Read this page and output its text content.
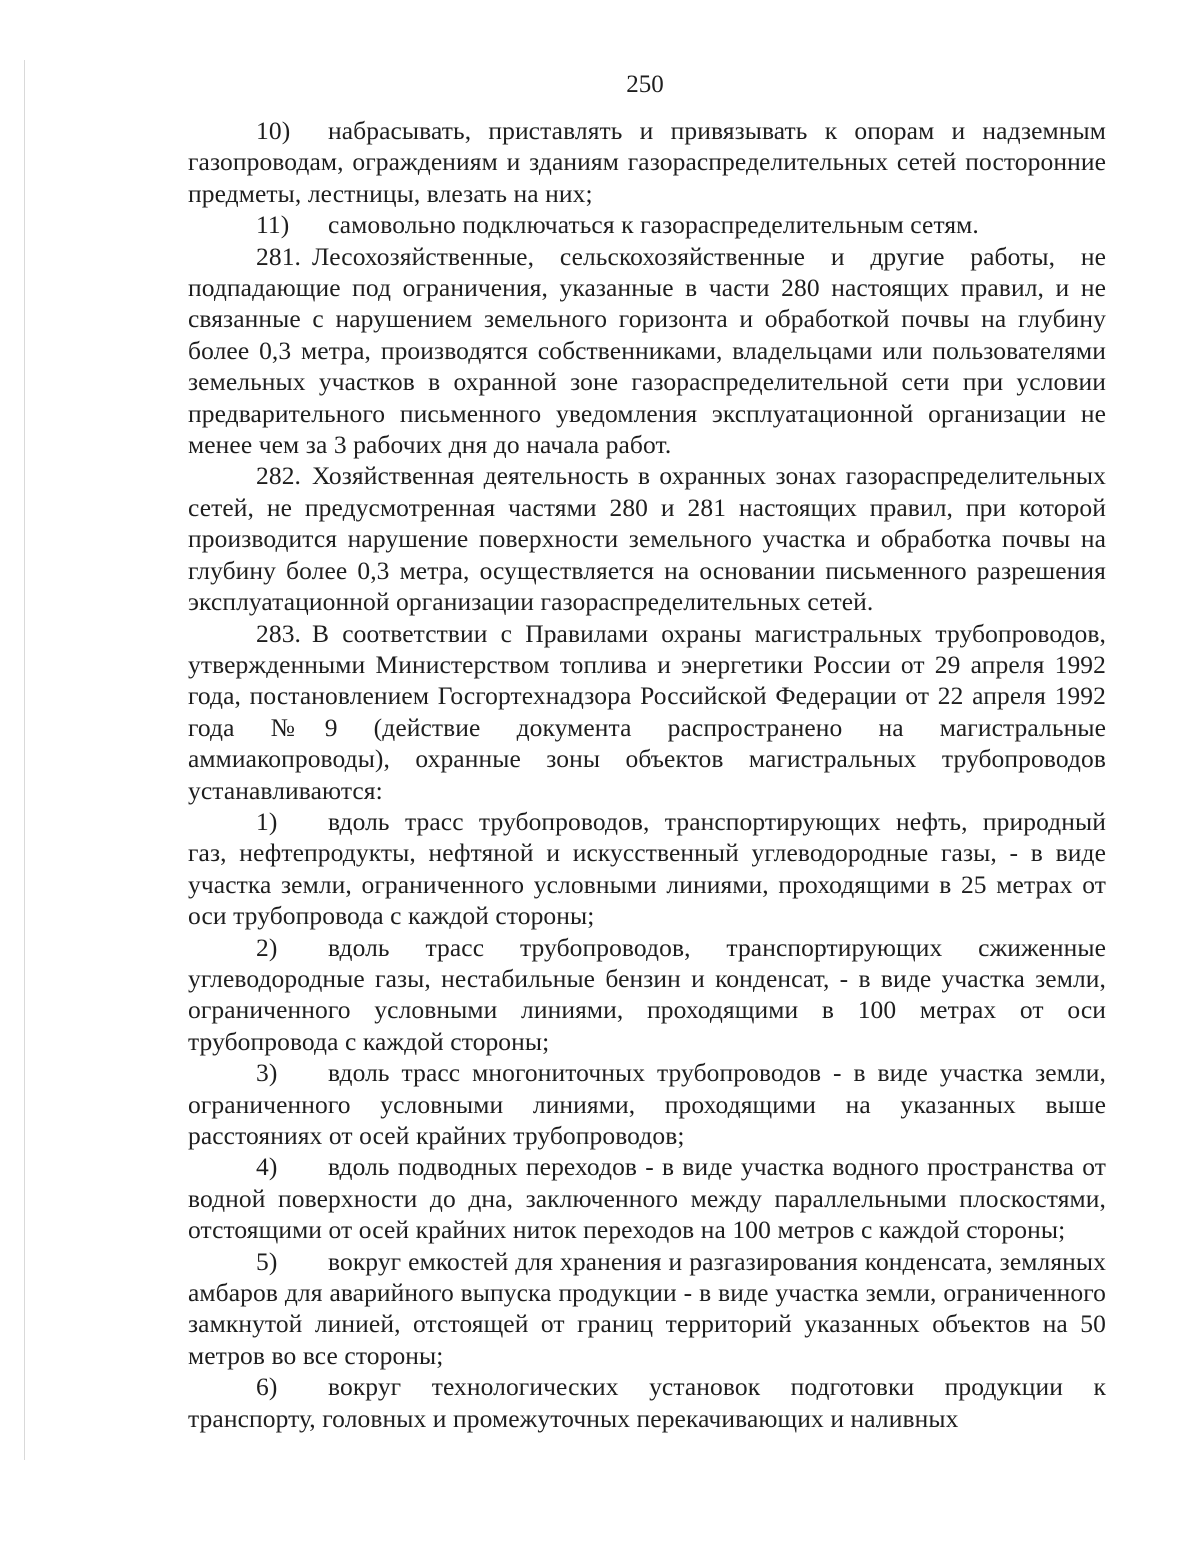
250

10) набрасывать, приставлять и привязывать к опорам и надземным газопроводам, ограждениям и зданиям газораспределительных сетей посторонние предметы, лестницы, влезать на них;

11) самовольно подключаться к газораспределительным сетям.

281. Лесохозяйственные, сельскохозяйственные и другие работы, не подпадающие под ограничения, указанные в части 280 настоящих правил, и не связанные с нарушением земельного горизонта и обработкой почвы на глубину более 0,3 метра, производятся собственниками, владельцами или пользователями земельных участков в охранной зоне газораспределительной сети при условии предварительного письменного уведомления эксплуатационной организации не менее чем за 3 рабочих дня до начала работ.

282. Хозяйственная деятельность в охранных зонах газораспределительных сетей, не предусмотренная частями 280 и 281 настоящих правил, при которой производится нарушение поверхности земельного участка и обработка почвы на глубину более 0,3 метра, осуществляется на основании письменного разрешения эксплуатационной организации газораспределительных сетей.

283. В соответствии с Правилами охраны магистральных трубопроводов, утвержденными Министерством топлива и энергетики России от 29 апреля 1992 года, постановлением Госгортехнадзора Российской Федерации от 22 апреля 1992 года №9 (действие документа распространено на магистральные аммиакопроводы), охранные зоны объектов магистральных трубопроводов устанавливаются:

1) вдоль трасс трубопроводов, транспортирующих нефть, природный газ, нефтепродукты, нефтяной и искусственный углеводородные газы, - в виде участка земли, ограниченного условными линиями, проходящими в 25 метрах от оси трубопровода с каждой стороны;

2) вдоль трасс трубопроводов, транспортирующих сжиженные углеводородные газы, нестабильные бензин и конденсат, - в виде участка земли, ограниченного условными линиями, проходящими в 100 метрах от оси трубопровода с каждой стороны;

3) вдоль трасс многониточных трубопроводов - в виде участка земли, ограниченного условными линиями, проходящими на указанных выше расстояниях от осей крайних трубопроводов;

4) вдоль подводных переходов - в виде участка водного пространства от водной поверхности до дна, заключенного между параллельными плоскостями, отстоящими от осей крайних ниток переходов на 100 метров с каждой стороны;

5) вокруг емкостей для хранения и разгазирования конденсата, земляных амбаров для аварийного выпуска продукции - в виде участка земли, ограниченного замкнутой линией, отстоящей от границ территорий указанных объектов на 50 метров во все стороны;

6) вокруг технологических установок подготовки продукции к транспорту, головных и промежуточных перекачивающих и наливных
